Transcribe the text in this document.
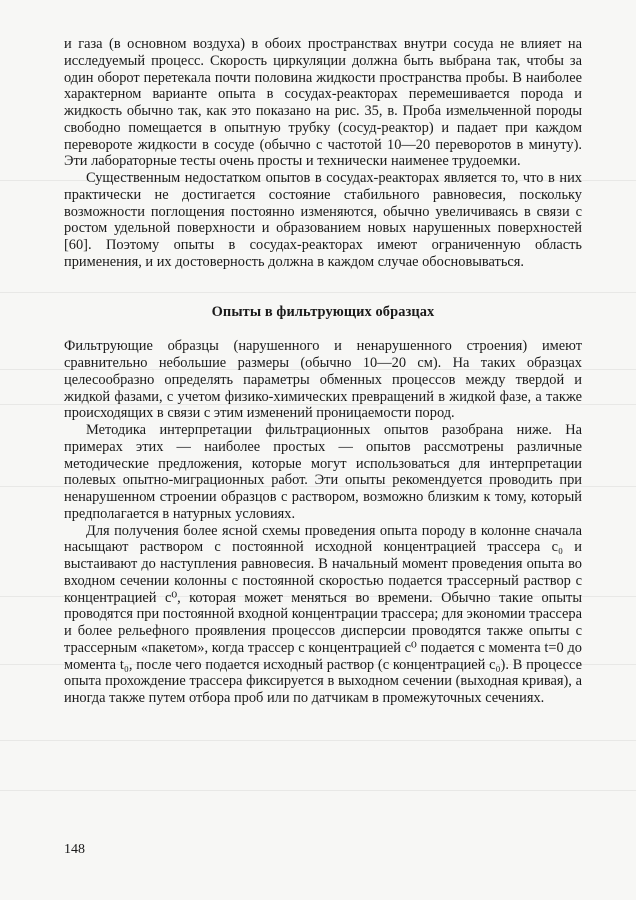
и газа (в основном воздуха) в обоих пространствах внутри сосуда не влияет на исследуемый процесс. Скорость циркуляции должна быть выбрана так, чтобы за один оборот перетекала почти половина жидкости пространства пробы. В наиболее характерном варианте опыта в сосудах-реакторах перемешивается порода и жидкость обычно так, как это показано на рис. 35, в. Проба измельченной породы свободно помещается в опытную трубку (сосуд-реактор) и падает при каждом перевороте жидкости в сосуде (обычно с частотой 10—20 переворотов в минуту). Эти лабораторные тесты очень просты и технически наименее трудоемки.

Существенным недостатком опытов в сосудах-реакторах является то, что в них практически не достигается состояние стабильного равновесия, поскольку возможности поглощения постоянно изменяются, обычно увеличиваясь в связи с ростом удельной поверхности и образованием новых нарушенных поверхностей [60]. Поэтому опыты в сосудах-реакторах имеют ограниченную область применения, и их достоверность должна в каждом случае обосновываться.

Опыты в фильтрующих образцах

Фильтрующие образцы (нарушенного и ненарушенного строения) имеют сравнительно небольшие размеры (обычно 10—20 см). На таких образцах целесообразно определять параметры обменных процессов между твердой и жидкой фазами, с учетом физико-химических превращений в жидкой фазе, а также происходящих в связи с этим изменений проницаемости пород.

Методика интерпретации фильтрационных опытов разобрана ниже. На примерах этих — наиболее простых — опытов рассмотрены различные методические предложения, которые могут использоваться для интерпретации полевых опытно-миграционных работ. Эти опыты рекомендуется проводить при ненарушенном строении образцов с раствором, возможно близким к тому, который предполагается в натурных условиях.

Для получения более ясной схемы проведения опыта породу в колонне сначала насыщают раствором с постоянной исходной концентрацией трассера c₀ и выстаивают до наступления равновесия. В начальный момент проведения опыта во входном сечении колонны с постоянной скоростью подается трассерный раствор с концентрацией c⁰, которая может меняться во времени. Обычно такие опыты проводятся при постоянной входной концентрации трассера; для экономии трассера и более рельефного проявления процессов дисперсии проводятся также опыты с трассерным «пакетом», когда трассер с концентрацией c⁰ подается с момента t=0 до момента t₀, после чего подается исходный раствор (с концентрацией c₀). В процессе опыта прохождение трассера фиксируется в выходном сечении (выходная кривая), а иногда также путем отбора проб или по датчикам в промежуточных сечениях.

148
